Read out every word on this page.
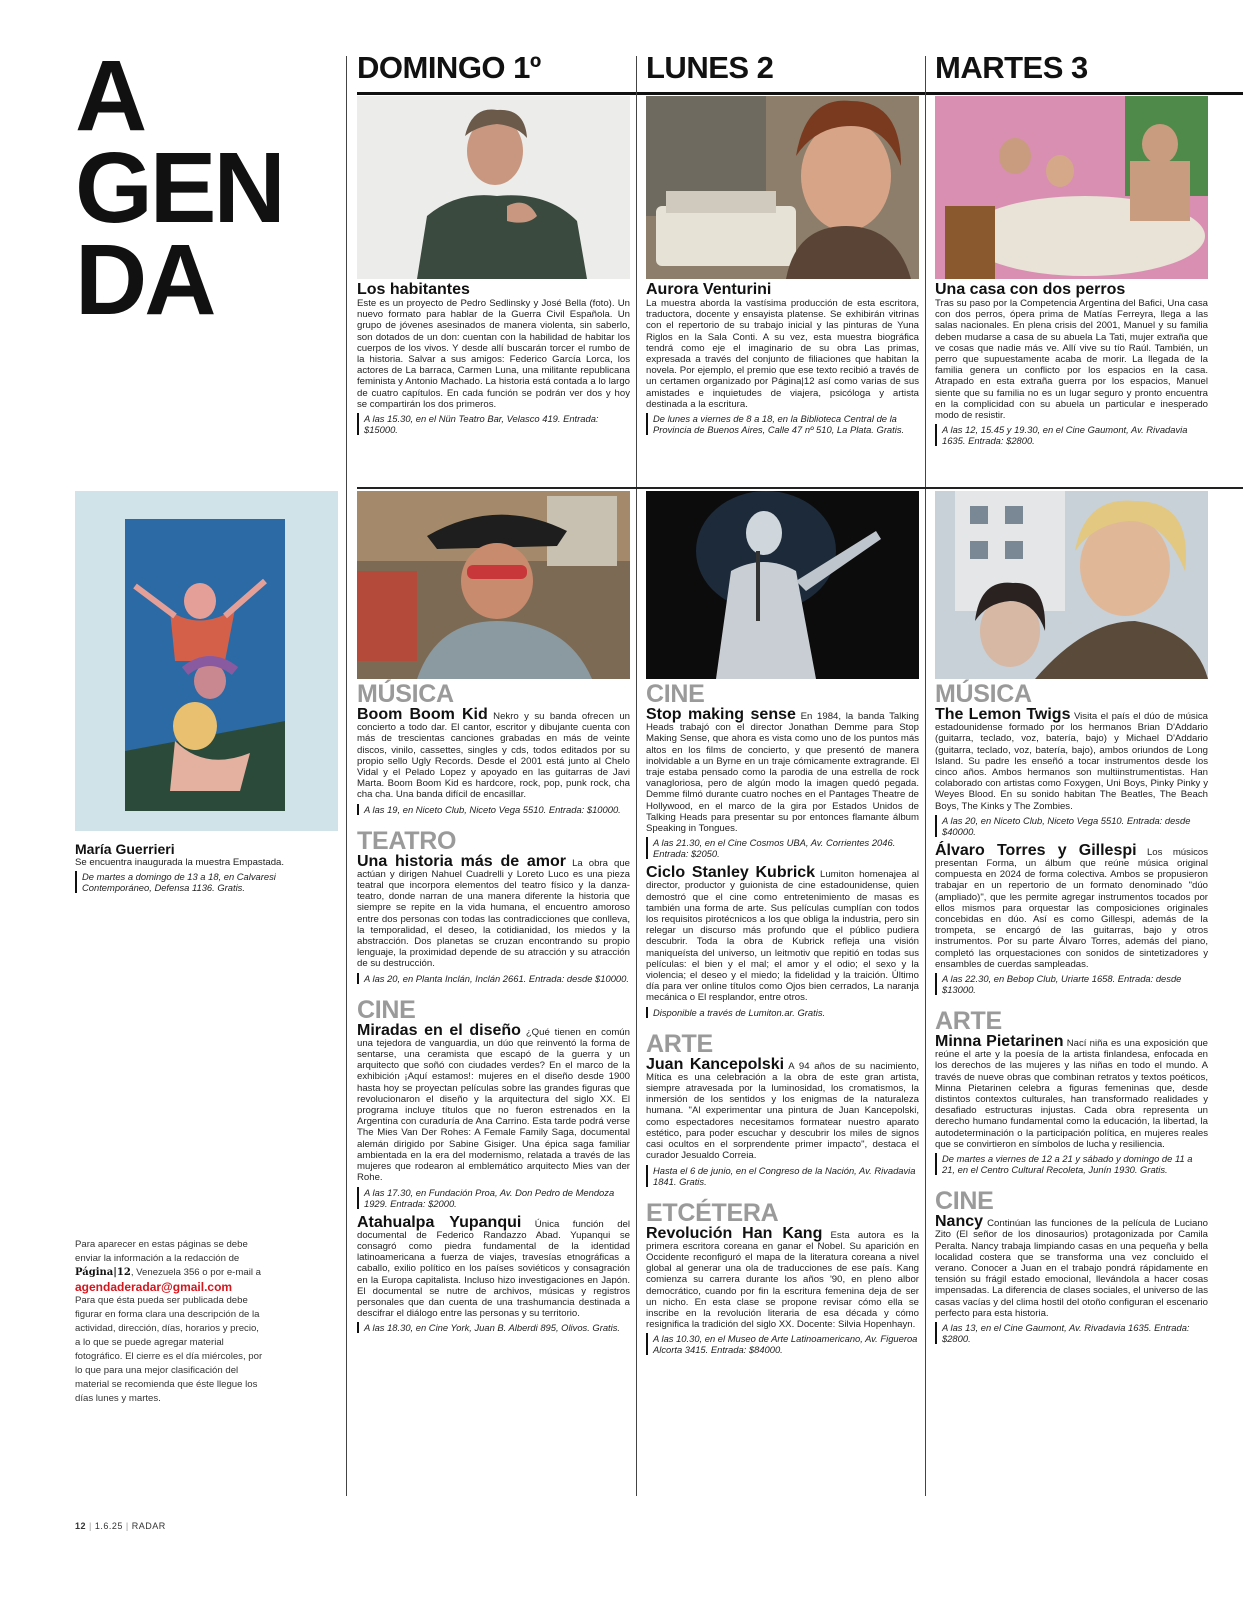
A
GEN
DA
DOMINGO 1º	LUNES 2	MARTES 3
Los habitantes
Este es un proyecto de Pedro Sedlinsky y José Bella (foto). Un nuevo formato para hablar de la Guerra Civil Española. Un grupo de jóvenes asesinados de manera violenta, sin saberlo, son dotados de un don: cuentan con la habilidad de habitar los cuerpos de los vivos. Y desde allí buscarán torcer el rumbo de la historia. Salvar a sus amigos: Federico García Lorca, los actores de La barraca, Carmen Luna, una militante republicana feminista y Antonio Machado. La historia está contada a lo largo de cuatro capítulos. En cada función se podrán ver dos y hoy se compartirán los dos primeros.
A las 15.30, en el Nün Teatro Bar, Velasco 419. Entrada: $15000.
Aurora Venturini
La muestra aborda la vastísima producción de esta escritora, traductora, docente y ensayista platense. Se exhibirán vitrinas con el repertorio de su trabajo inicial y las pinturas de Yuna Riglos en la Sala Conti. A su vez, esta muestra biográfica tendrá como eje el imaginario de su obra Las primas, expresada a través del conjunto de filiaciones que habitan la novela. Por ejemplo, el premio que ese texto recibió a través de un certamen organizado por Página|12 así como varias de sus amistades e inquietudes de viajera, psicóloga y artista destinada a la escritura.
De lunes a viernes de 8 a 18, en la Biblioteca Central de la Provincia de Buenos Aires, Calle 47 nº 510, La Plata. Gratis.
Una casa con dos perros
Tras su paso por la Competencia Argentina del Bafici, Una casa con dos perros, ópera prima de Matías Ferreyra, llega a las salas nacionales. En plena crisis del 2001, Manuel y su familia deben mudarse a casa de su abuela La Tati, mujer extraña que ve cosas que nadie más ve. Allí vive su tío Raúl. También, un perro que supuestamente acaba de morir. La llegada de la familia genera un conflicto por los espacios en la casa. Atrapado en esta extraña guerra por los espacios, Manuel siente que su familia no es un lugar seguro y pronto encuentra en la complicidad con su abuela un particular e inesperado modo de resistir.
A las 12, 15.45 y 19.30, en el Cine Gaumont, Av. Rivadavia 1635. Entrada: $2800.
MÚSICA
Boom Boom Kid Nekro y su banda ofrecen un concierto a todo dar. El cantor, escritor y dibujante cuenta con más de trescientas canciones grabadas en más de veinte discos, vinilo, cassettes, singles y cds, todos editados por su propio sello Ugly Records. Desde el 2001 está junto al Chelo Vidal y el Pelado Lopez y apoyado en las guitarras de Javi Marta. Boom Boom Kid es hardcore, rock, pop, punk rock, cha cha cha. Una banda difícil de encasillar.
A las 19, en Niceto Club, Niceto Vega 5510. Entrada: $10000.
TEATRO
Una historia más de amor La obra que actúan y dirigen Nahuel Cuadrelli y Loreto Luco es una pieza teatral que incorpora elementos del teatro físico y la danza-teatro, donde narran de una manera diferente la historia que siempre se repite en la vida humana, el encuentro amoroso entre dos personas con todas las contradicciones que conlleva, la temporalidad, el deseo, la cotidianidad, los miedos y la abstracción. Dos planetas se cruzan encontrando su propio lenguaje, la proximidad depende de su atracción y su atracción de su destrucción.
A las 20, en Planta Inclán, Inclán 2661. Entrada: desde $10000.
CINE
Miradas en el diseño ¿Qué tienen en común una tejedora de vanguardia, un dúo que reinventó la forma de sentarse, una ceramista que escapó de la guerra y un arquitecto que soñó con ciudades verdes? En el marco de la exhibición ¡Aquí estamos!: mujeres en el diseño desde 1900 hasta hoy se proyectan películas sobre las grandes figuras que revolucionaron el diseño y la arquitectura del siglo XX. El programa incluye títulos que no fueron estrenados en la Argentina con curaduría de Ana Carrino. Esta tarde podrá verse The Mies Van Der Rohes: A Female Family Saga, documental alemán dirigido por Sabine Gisiger. Una épica saga familiar ambientada en la era del modernismo, relatada a través de las mujeres que rodearon al emblemático arquitecto Mies van der Rohe.
A las 17.30, en Fundación Proa, Av. Don Pedro de Mendoza 1929. Entrada: $2000.
Atahualpa Yupanqui Única función del documental de Federico Randazzo Abad. Yupanqui se consagró como piedra fundamental de la identidad latinoamericana a fuerza de viajes, travesías etnográficas a caballo, exilio político en los países soviéticos y consagración en la Europa capitalista. Incluso hizo investigaciones en Japón. El documental se nutre de archivos, músicas y registros personales que dan cuenta de una trashumancia destinada a descifrar el diálogo entre las personas y su territorio.
A las 18.30, en Cine York, Juan B. Alberdi 895, Olivos. Gratis.
CINE
Stop making sense En 1984, la banda Talking Heads trabajó con el director Jonathan Demme para Stop Making Sense, que ahora es vista como uno de los puntos más altos en los films de concierto, y que presentó de manera inolvidable a un Byrne en un traje cómicamente extragrande. El traje estaba pensado como la parodia de una estrella de rock vanagloriosa, pero de algún modo la imagen quedó pegada. Demme filmó durante cuatro noches en el Pantages Theatre de Hollywood, en el marco de la gira por Estados Unidos de Talking Heads para presentar su por entonces flamante álbum Speaking in Tongues.
A las 21.30, en el Cine Cosmos UBA, Av. Corrientes 2046. Entrada: $2050.
Ciclo Stanley Kubrick Lumiton homenajea al director, productor y guionista de cine estadounidense, quien demostró que el cine como entretenimiento de masas es también una forma de arte. Sus películas cumplían con todos los requisitos pirotécnicos a los que obliga la industria, pero sin relegar un discurso más profundo que el público pudiera descubrir. Toda la obra de Kubrick refleja una visión maniqueísta del universo, un leitmotiv que repitió en todas sus películas: el bien y el mal; el amor y el odio; el sexo y la violencia; el deseo y el miedo; la fidelidad y la traición. Último día para ver online títulos como Ojos bien cerrados, La naranja mecánica o El resplandor, entre otros.
Disponible a través de Lumiton.ar. Gratis.
ARTE
Juan Kancepolski A 94 años de su nacimiento, Mítica es una celebración a la obra de este gran artista, siempre atravesada por la luminosidad, los cromatismos, la inmersión de los sentidos y los enigmas de la naturaleza humana. "Al experimentar una pintura de Juan Kancepolski, como espectadores necesitamos formatear nuestro aparato estético, para poder escuchar y descubrir los miles de signos casi ocultos en el sorprendente primer impacto", destaca el curador Jesualdo Correia.
Hasta el 6 de junio, en el Congreso de la Nación, Av. Rivadavia 1841. Gratis.
ETCÉTERA
Revolución Han Kang Esta autora es la primera escritora coreana en ganar el Nobel. Su aparición en Occidente reconfiguró el mapa de la literatura coreana a nivel global al generar una ola de traducciones de ese país. Kang comienza su carrera durante los años '90, en pleno albor democrático, cuando por fin la escritura femenina deja de ser un nicho. En esta clase se propone revisar cómo ella se inscribe en la revolución literaria de esa década y cómo resignifica la tradición del siglo XX. Docente: Silvia Hopenhayn.
A las 10.30, en el Museo de Arte Latinoamericano, Av. Figueroa Alcorta 3415. Entrada: $84000.
MÚSICA
The Lemon Twigs Visita el país el dúo de música estadounidense formado por los hermanos Brian D'Addario (guitarra, teclado, voz, batería, bajo) y Michael D'Addario (guitarra, teclado, voz, batería, bajo), ambos oriundos de Long Island. Su padre les enseñó a tocar instrumentos desde los cinco años. Ambos hermanos son multiinstrumentistas. Han colaborado con artistas como Foxygen, Uni Boys, Pinky Pinky y Weyes Blood. En su sonido habitan The Beatles, The Beach Boys, The Kinks y The Zombies.
A las 20, en Niceto Club, Niceto Vega 5510. Entrada: desde $40000.
Álvaro Torres y Gillespi Los músicos presentan Forma, un álbum que reúne música original compuesta en 2024 de forma colectiva. Ambos se propusieron trabajar en un repertorio de un formato denominado "dúo (ampliado)", que les permite agregar instrumentos tocados por ellos mismos para orquestar las composiciones originales concebidas en dúo. Así es como Gillespi, además de la trompeta, se encargó de las guitarras, bajo y otros instrumentos. Por su parte Álvaro Torres, además del piano, completó las orquestaciones con sonidos de sintetizadores y ensambles de cuerdas sampleadas.
A las 22.30, en Bebop Club, Uriarte 1658. Entrada: desde $13000.
ARTE
Minna Pietarinen Nací niña es una exposición que reúne el arte y la poesía de la artista finlandesa, enfocada en los derechos de las mujeres y las niñas en todo el mundo. A través de nueve obras que combinan retratos y textos poéticos, Minna Pietarinen celebra a figuras femeninas que, desde distintos contextos culturales, han transformado realidades y desafiado estructuras injustas. Cada obra representa un derecho humano fundamental como la educación, la libertad, la autodeterminación o la participación política, en mujeres reales que se convirtieron en símbolos de lucha y resiliencia.
De martes a viernes de 12 a 21 y sábado y domingo de 11 a 21, en el Centro Cultural Recoleta, Junín 1930. Gratis.
CINE
Nancy Continúan las funciones de la película de Luciano Zito (El señor de los dinosaurios) protagonizada por Camila Peralta. Nancy trabaja limpiando casas en una pequeña y bella localidad costera que se transforma una vez concluido el verano. Conocer a Juan en el trabajo pondrá rápidamente en tensión su frágil estado emocional, llevándola a hacer cosas impensadas. La diferencia de clases sociales, el universo de las casas vacías y del clima hostil del otoño configuran el escenario perfecto para esta historia.
A las 13, en el Cine Gaumont, Av. Rivadavia 1635. Entrada: $2800.
María Guerrieri
Se encuentra inaugurada la muestra Empastada.
De martes a domingo de 13 a 18, en Calvaresi Contemporáneo, Defensa 1136. Gratis.
Para aparecer en estas páginas se debe enviar la información a la redacción de Página|12, Venezuela 356 o por e-mail a
agendaderadar@gmail.com
Para que ésta pueda ser publicada debe figurar en forma clara una descripción de la actividad, dirección, días, horarios y precio, a lo que se puede agregar material fotográfico. El cierre es el día miércoles, por lo que para una mejor clasificación del material se recomienda que éste llegue los días lunes y martes.
12 | 1.6.25 | RADAR
